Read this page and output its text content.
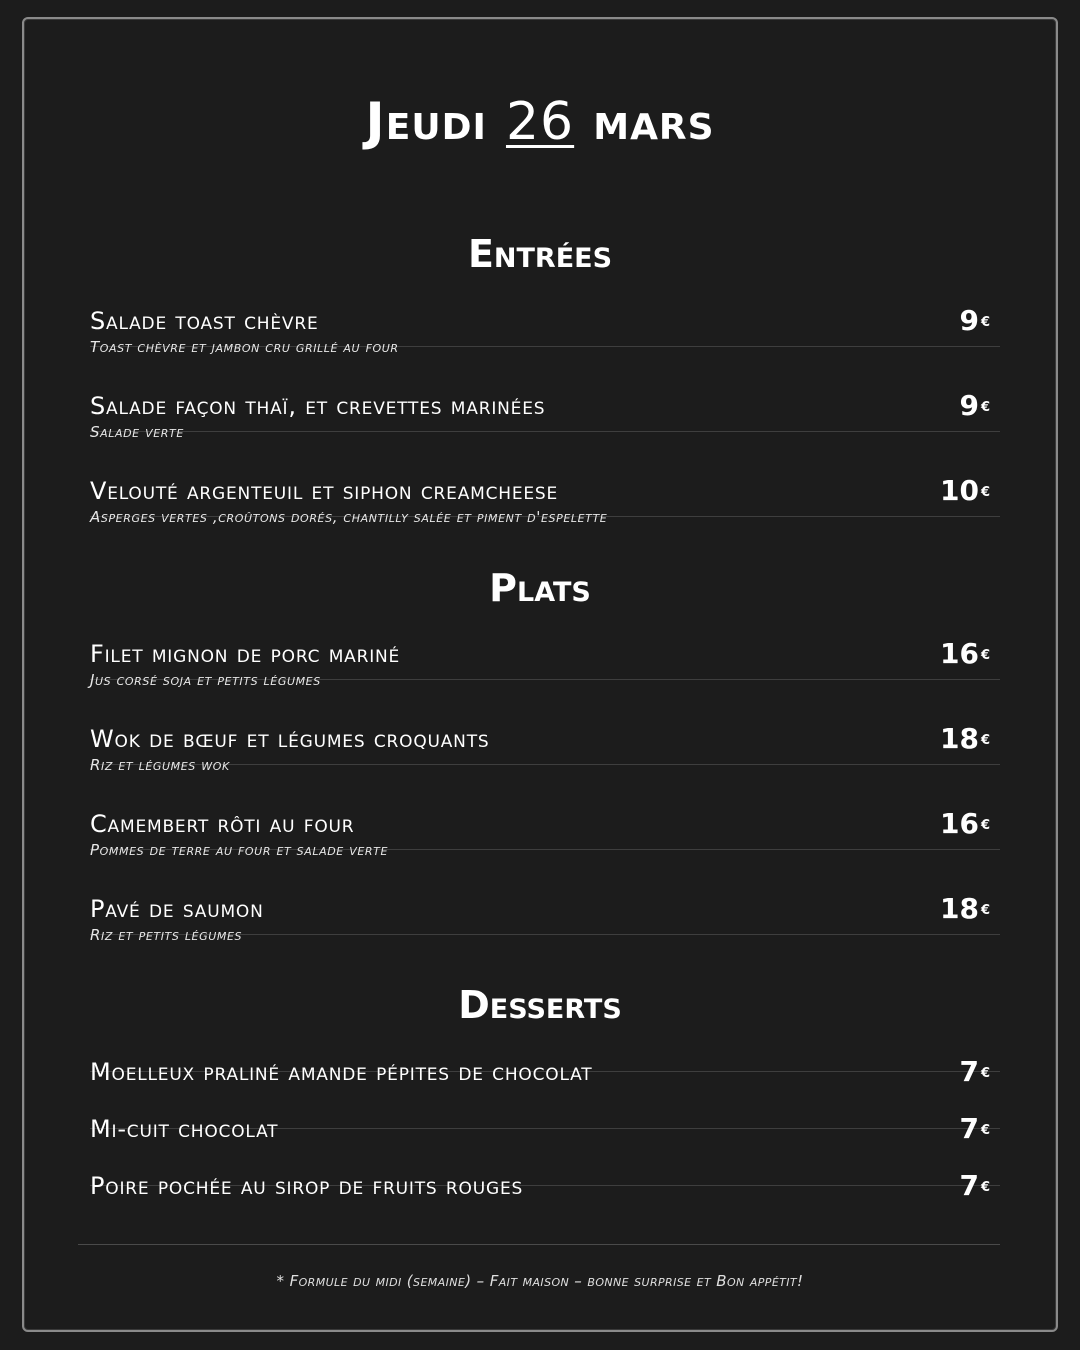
Jeudi 26 mars
Entrées
Salade toast chèvre
Toast chèvre et jambon cru grillé au four
9 €
Salade façon thaï, et crevettes marinées
Salade verte
9 €
Velouté argenteuil et siphon creamcheese
Asperges vertes ,croûtons dorés, chantilly salée et piment d'espelette
10 €
Plats
Filet mignon de porc mariné
Jus corsé soja et petits légumes
16 €
Wok de bœuf et légumes croquants
Riz et légumes wok
18 €
Camembert rôti au four
Pommes de terre au four et salade verte
16 €
Pavé de saumon
Riz et petits légumes
18 €
Desserts
Moelleux praliné amande pépites de chocolat	7 €
Mi-cuit chocolat	7 €
Poire pochée au sirop de fruits rouges	7 €
* Formule du midi (semaine) – Fait maison – bonne surprise et Bon appétit!
